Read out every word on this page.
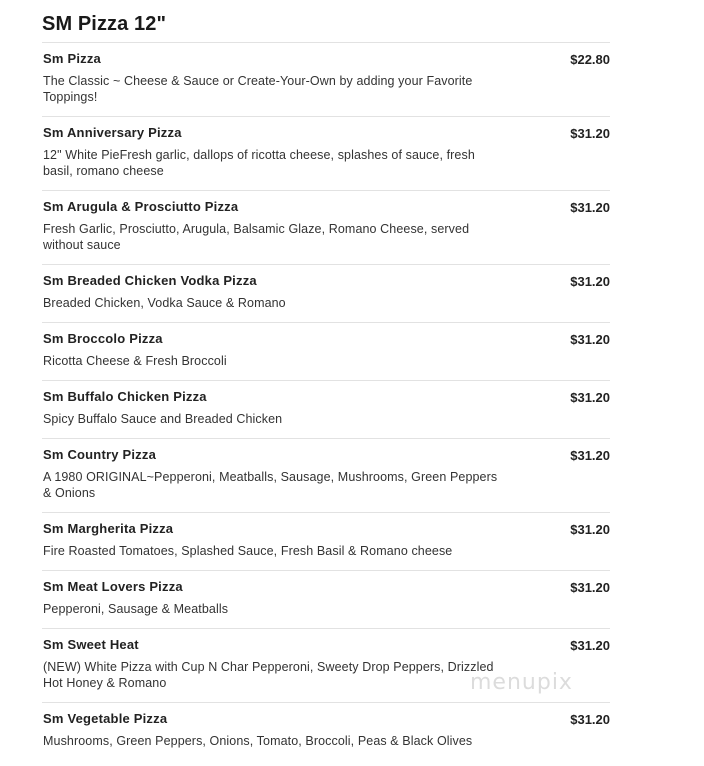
SM Pizza 12"
Sm Pizza	$22.80
The Classic ~ Cheese & Sauce or Create-Your-Own by adding your Favorite Toppings!
Sm Anniversary Pizza	$31.20
12" White PieFresh garlic, dallops of ricotta cheese, splashes of sauce, fresh basil, romano cheese
Sm Arugula & Prosciutto Pizza	$31.20
Fresh Garlic, Prosciutto, Arugula, Balsamic Glaze, Romano Cheese, served without sauce
Sm Breaded Chicken Vodka Pizza	$31.20
Breaded Chicken, Vodka Sauce & Romano
Sm Broccolo Pizza	$31.20
Ricotta Cheese & Fresh Broccoli
Sm Buffalo Chicken Pizza	$31.20
Spicy Buffalo Sauce and Breaded Chicken
Sm Country Pizza	$31.20
A 1980 ORIGINAL~Pepperoni, Meatballs, Sausage, Mushrooms, Green Peppers & Onions
Sm Margherita Pizza	$31.20
Fire Roasted Tomatoes, Splashed Sauce, Fresh Basil & Romano cheese
Sm Meat Lovers Pizza	$31.20
Pepperoni, Sausage & Meatballs
Sm Sweet Heat	$31.20
(NEW) White Pizza with Cup N Char Pepperoni, Sweety Drop Peppers, Drizzled Hot Honey & Romano
Sm Vegetable Pizza	$31.20
Mushrooms, Green Peppers, Onions, Tomato, Broccoli, Peas & Black Olives
menupix
